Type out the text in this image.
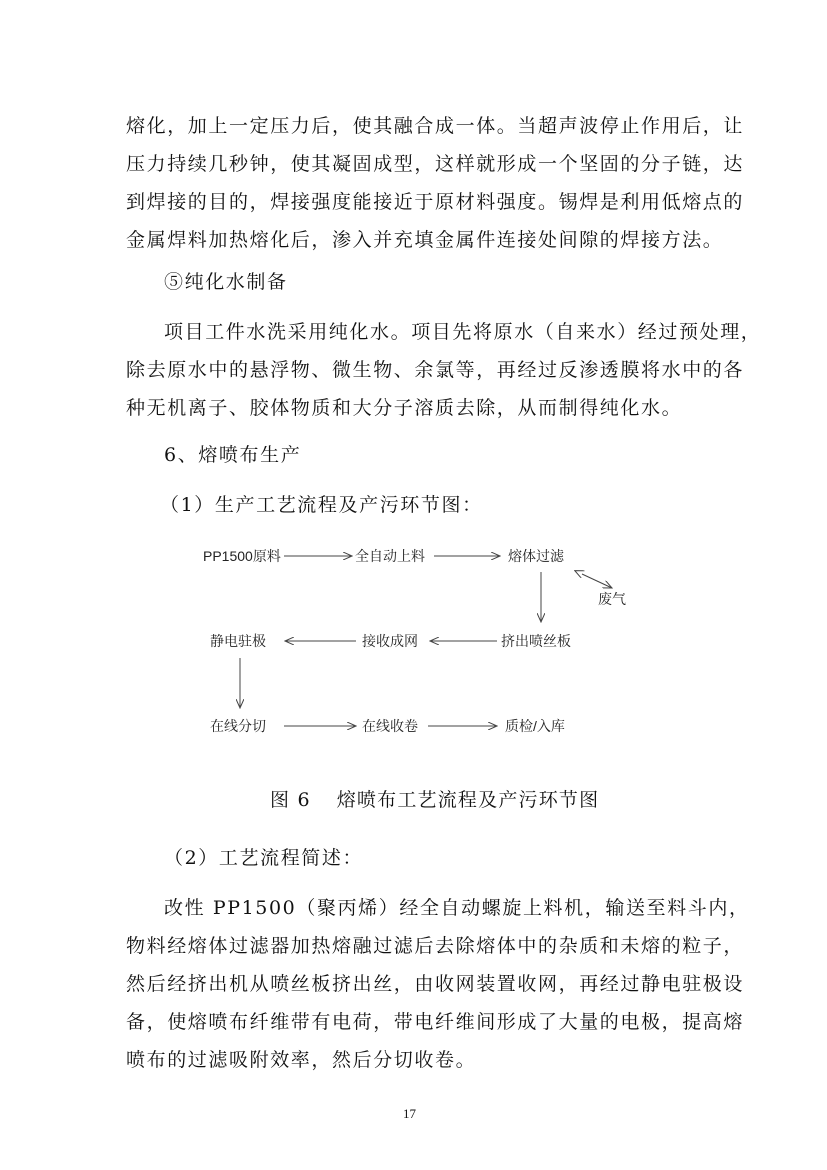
熔化，加上一定压力后，使其融合成一体。当超声波停止作用后，让
压力持续几秒钟，使其凝固成型，这样就形成一个坚固的分子链，达
到焊接的目的，焊接强度能接近于原材料强度。锡焊是利用低熔点的
金属焊料加热熔化后，渗入并充填金属件连接处间隙的焊接方法。
⑤纯化水制备
项目工件水洗采用纯化水。项目先将原水（自来水）经过预处理，
除去原水中的悬浮物、微生物、余氯等，再经过反渗透膜将水中的各
种无机离子、胶体物质和大分子溶质去除，从而制得纯化水。
6、熔喷布生产
（1）生产工艺流程及产污环节图：
PP1500原料	全自动上料	熔体过滤
废气
静电驻极	接收成网	挤出喷丝板
在线分切	在线收卷	质检/入库
图 6 熔喷布工艺流程及产污环节图
（2）工艺流程简述：
改性 PP1500（聚丙烯）经全自动螺旋上料机，输送至料斗内，
物料经熔体过滤器加热熔融过滤后去除熔体中的杂质和未熔的粒子，
然后经挤出机从喷丝板挤出丝，由收网装置收网，再经过静电驻极设
备，使熔喷布纤维带有电荷，带电纤维间形成了大量的电极，提高熔
喷布的过滤吸附效率，然后分切收卷。
17
